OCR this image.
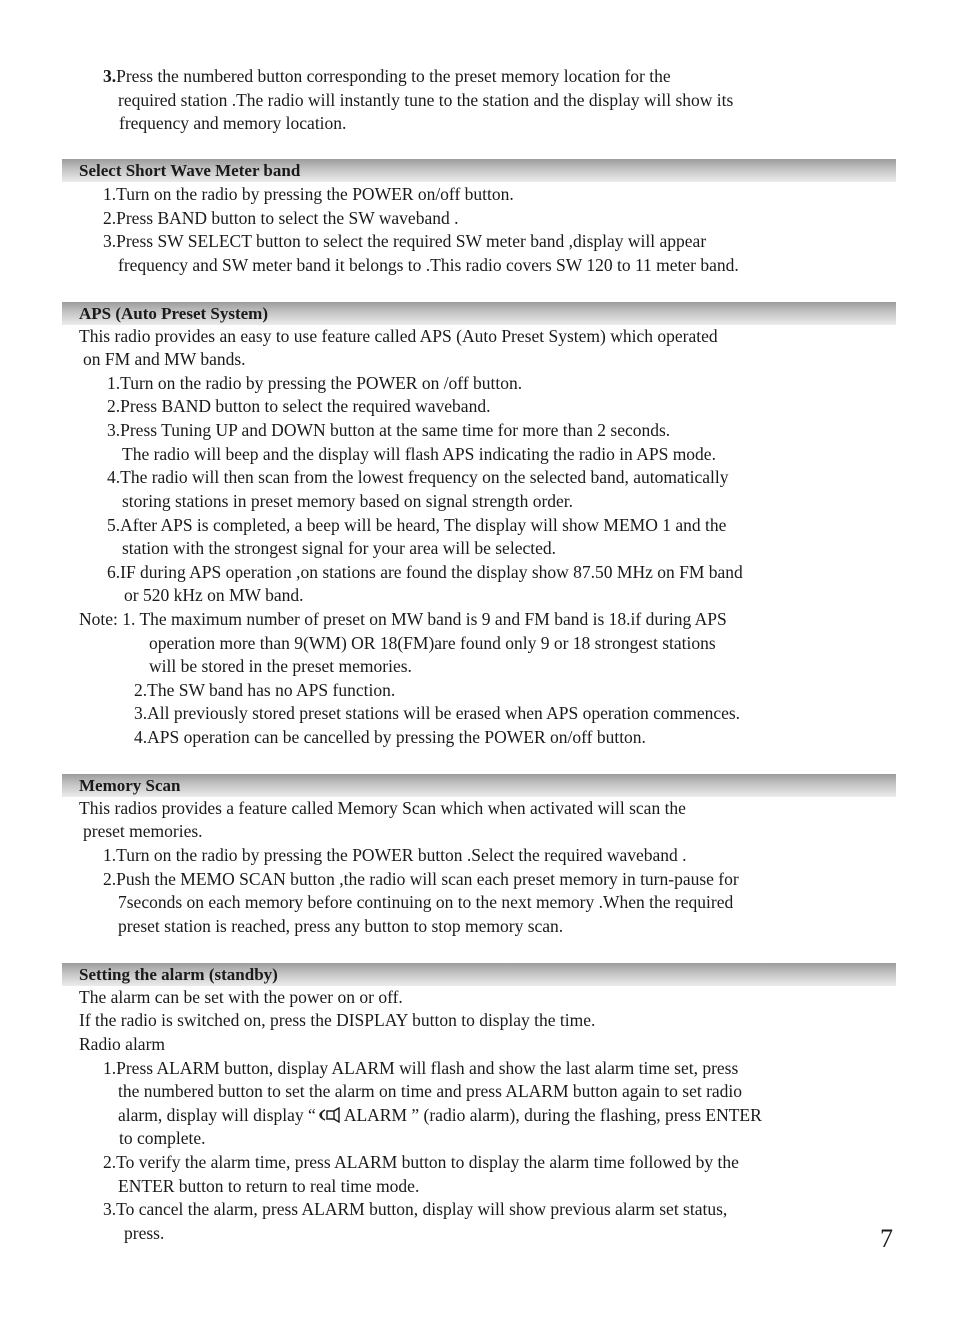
3.Press the numbered button corresponding to the preset memory location for the
required station .The radio will instantly tune to the station and the display will show its
frequency and memory location.
Select Short Wave Meter band
1.Turn on the radio by pressing the POWER on/off button.
2.Press BAND button to select the SW waveband .
3.Press SW SELECT button to select the required SW meter band ,display will appear
frequency and SW meter band it belongs to .This radio covers SW 120 to 11 meter band.
APS (Auto Preset System)
This radio provides an easy to use feature called APS (Auto Preset System) which operated
on FM and MW bands.
1.Turn on the radio by pressing the POWER on /off button.
2.Press BAND button to select the required waveband.
3.Press Tuning UP and DOWN button at the same time for more than 2 seconds.
The radio will beep and the display will flash APS indicating the radio in APS mode.
4.The radio will then scan from the lowest frequency on the selected band, automatically
storing stations in preset memory based on signal strength order.
5.After APS is completed, a beep will be heard, The display will show MEMO 1 and the
station with the strongest signal for your area will be selected.
6.IF during APS operation ,on stations are found the display show 87.50 MHz on FM band
or 520 kHz on MW band.
Note: 1. The maximum number of preset on MW band is 9 and FM band is 18.if during APS
operation more than 9(WM) OR 18(FM)are found only 9 or 18 strongest stations
will be stored in the preset memories.
2.The SW band has no APS function.
3.All previously stored preset stations will be erased when APS operation commences.
4.APS operation can be cancelled by pressing the POWER on/off button.
Memory Scan
This radios provides a feature called Memory Scan which when activated will scan the
preset memories.
1.Turn on the radio by pressing the POWER button .Select the required waveband .
2.Push the MEMO SCAN button ,the radio will scan each preset memory in turn-pause for
7seconds on each memory before continuing on to the next memory .When the required
preset station is reached, press any button to stop memory scan.
Setting the alarm (standby)
The alarm can be set with the power on or off.
If the radio is switched on, press the DISPLAY button to display the time.
Radio alarm
1.Press ALARM button, display ALARM will flash and show the last alarm time set, press
the numbered button to set the alarm on time and press ALARM button again to set radio
alarm, display will display “ ALARM ” (radio alarm), during the flashing, press ENTER
to complete.
2.To verify the alarm time, press ALARM button to display the alarm time followed by the
ENTER button to return to real time mode.
3.To cancel the alarm, press ALARM button, display will show previous alarm set status,
press.	7
